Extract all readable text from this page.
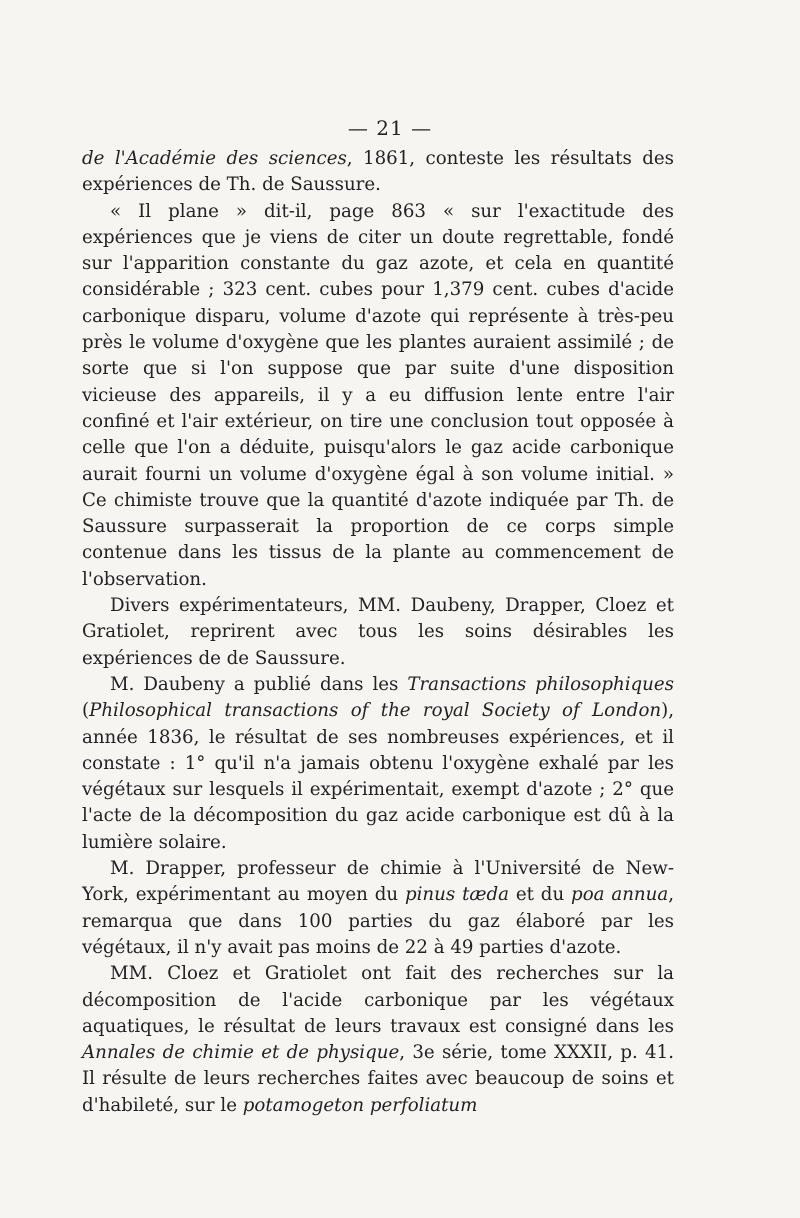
— 21 —

de l'Académie des sciences, 1861, conteste les résultats des expériences de Th. de Saussure.

« Il plane » dit-il, page 863 « sur l'exactitude des expériences que je viens de citer un doute regrettable, fondé sur l'apparition constante du gaz azote, et cela en quantité considérable ; 323 cent. cubes pour 1,379 cent. cubes d'acide carbonique disparu, volume d'azote qui représente à très-peu près le volume d'oxygène que les plantes auraient assimilé ; de sorte que si l'on suppose que par suite d'une disposition vicieuse des appareils, il y a eu diffusion lente entre l'air confiné et l'air extérieur, on tire une conclusion tout opposée à celle que l'on a déduite, puisqu'alors le gaz acide carbonique aurait fourni un volume d'oxygène égal à son volume initial. » Ce chimiste trouve que la quantité d'azote indiquée par Th. de Saussure surpasserait la proportion de ce corps simple contenue dans les tissus de la plante au commencement de l'observation.

Divers expérimentateurs, MM. Daubeny, Drapper, Cloez et Gratiolet, reprirent avec tous les soins désirables les expériences de de Saussure.

M. Daubeny a publié dans les Transactions philosophiques (Philosophical transactions of the royal Society of London), année 1836, le résultat de ses nombreuses expériences, et il constate : 1° qu'il n'a jamais obtenu l'oxygène exhalé par les végétaux sur lesquels il expérimentait, exempt d'azote ; 2° que l'acte de la décomposition du gaz acide carbonique est dû à la lumière solaire.

M. Drapper, professeur de chimie à l'Université de New-York, expérimentant au moyen du pinus tæda et du poa annua, remarqua que dans 100 parties du gaz élaboré par les végétaux, il n'y avait pas moins de 22 à 49 parties d'azote.

MM. Cloez et Gratiolet ont fait des recherches sur la décomposition de l'acide carbonique par les végétaux aquatiques, le résultat de leurs travaux est consigné dans les Annales de chimie et de physique, 3e série, tome XXXII, p. 41. Il résulte de leurs recherches faites avec beaucoup de soins et d'habileté, sur le potamogeton perfoliatum
